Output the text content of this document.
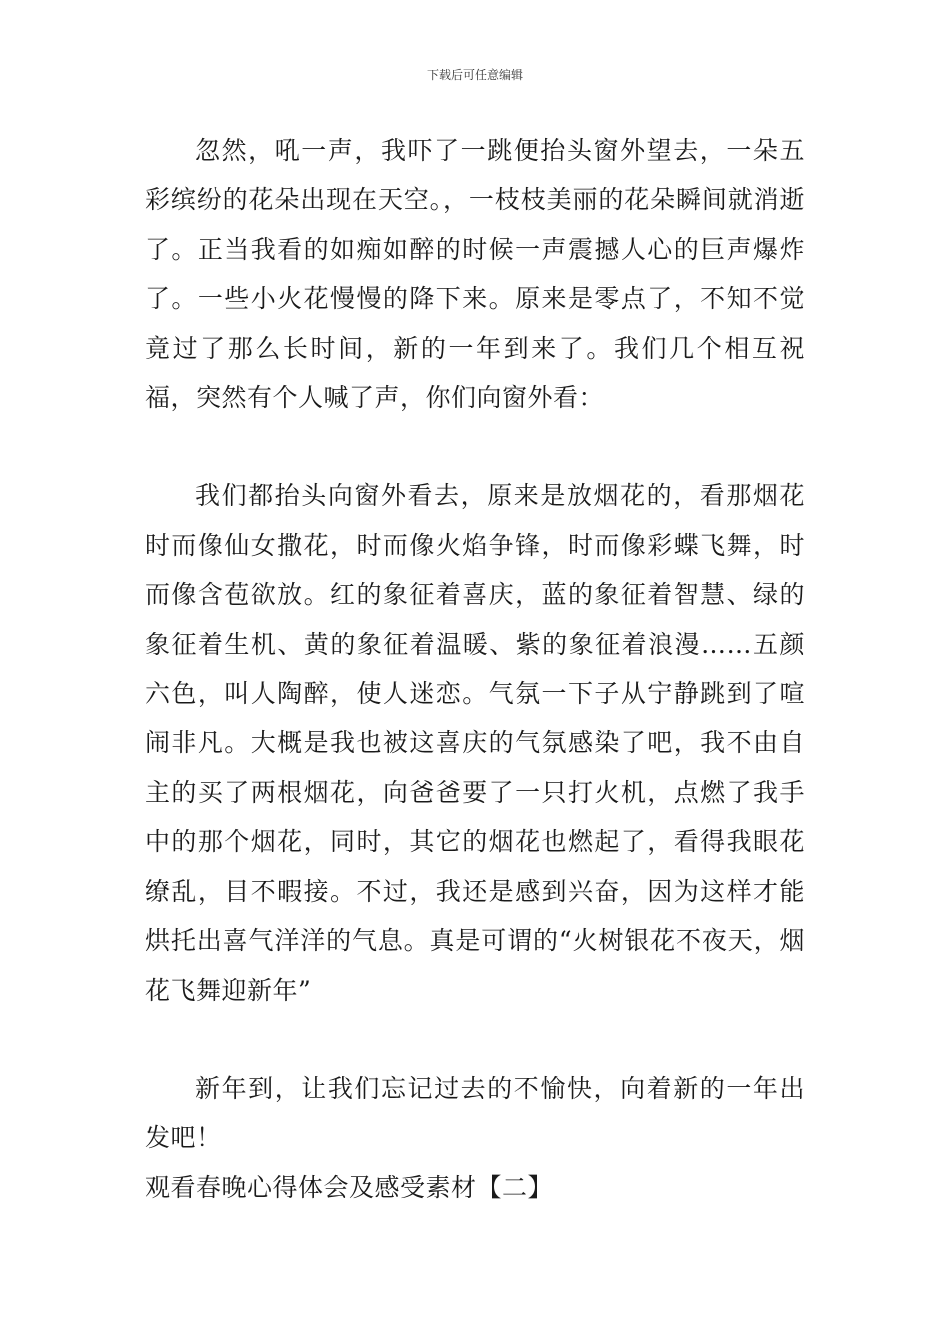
下载后可任意编辑

忽然，吼一声，我吓了一跳便抬头窗外望去，一朵五彩缤纷的花朵出现在天空。，一枝枝美丽的花朵瞬间就消逝了。正当我看的如痴如醉的时候一声震撼人心的巨声爆炸了。一些小火花慢慢的降下来。原来是零点了，不知不觉竟过了那么长时间，新的一年到来了。我们几个相互祝福，突然有个人喊了声，你们向窗外看：

我们都抬头向窗外看去，原来是放烟花的，看那烟花时而像仙女撒花，时而像火焰争锋，时而像彩蝶飞舞，时而像含苞欲放。红的象征着喜庆，蓝的象征着智慧、绿的象征着生机、黄的象征着温暖、紫的象征着浪漫……五颜六色，叫人陶醉，使人迷恋。气氛一下子从宁静跳到了喧闹非凡。大概是我也被这喜庆的气氛感染了吧，我不由自主的买了两根烟花，向爸爸要了一只打火机，点燃了我手中的那个烟花，同时，其它的烟花也燃起了，看得我眼花缭乱，目不暇接。不过，我还是感到兴奋，因为这样才能烘托出喜气洋洋的气息。真是可谓的“火树银花不夜天，烟花飞舞迎新年”

新年到，让我们忘记过去的不愉快，向着新的一年出发吧！

观看春晚心得体会及感受素材【二】
